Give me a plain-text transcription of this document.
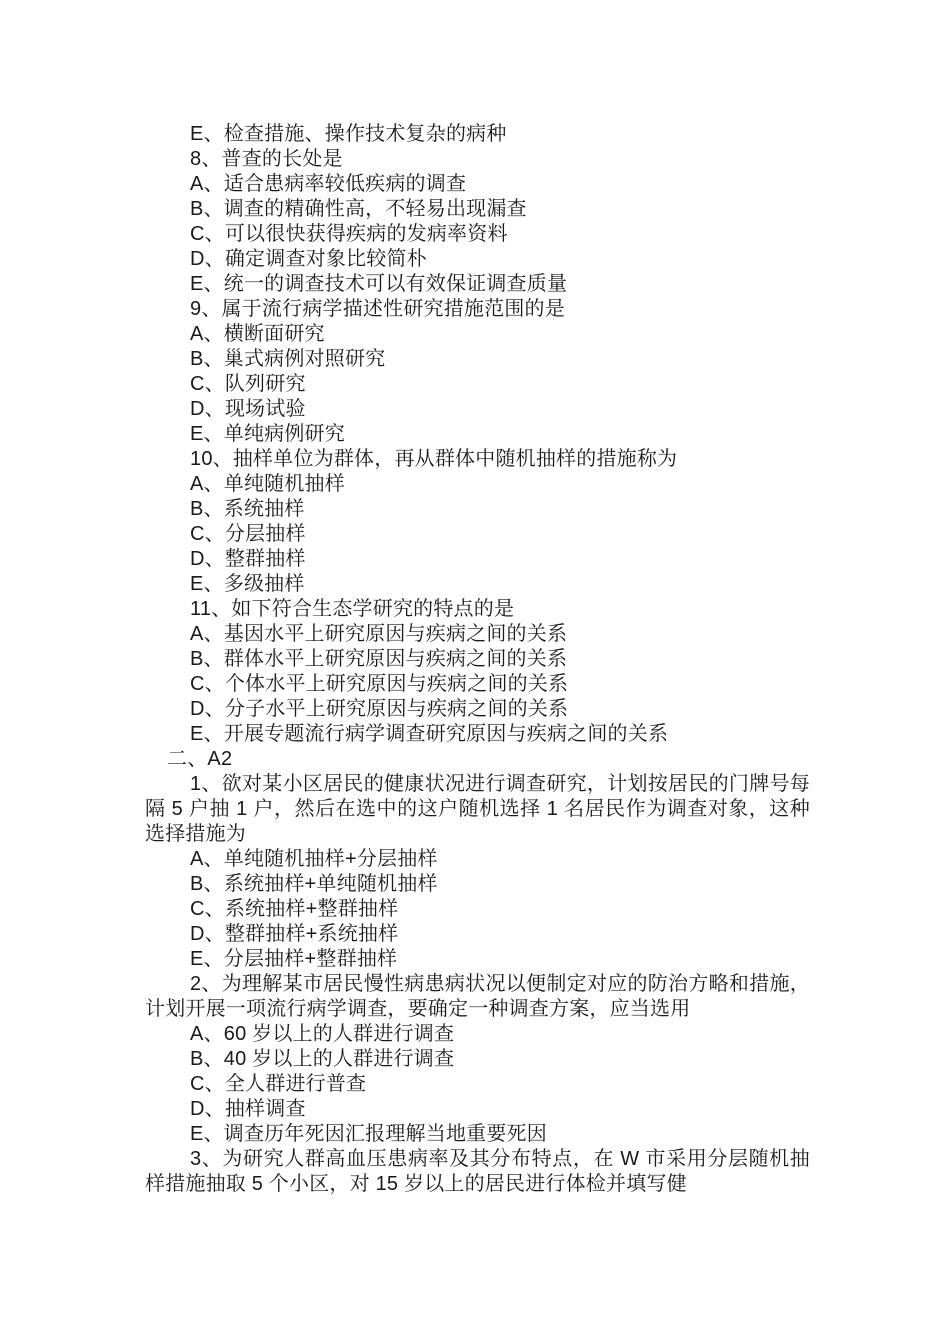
E、检查措施、操作技术复杂的病种
8、普查的长处是
A、适合患病率较低疾病的调查
B、调查的精确性高，不轻易出现漏查
C、可以很快获得疾病的发病率资料
D、确定调查对象比较简朴
E、统一的调查技术可以有效保证调查质量
9、属于流行病学描述性研究措施范围的是
A、横断面研究
B、巢式病例对照研究
C、队列研究
D、现场试验
E、单纯病例研究
10、抽样单位为群体，再从群体中随机抽样的措施称为
A、单纯随机抽样
B、系统抽样
C、分层抽样
D、整群抽样
E、多级抽样
11、如下符合生态学研究的特点的是
A、基因水平上研究原因与疾病之间的关系
B、群体水平上研究原因与疾病之间的关系
C、个体水平上研究原因与疾病之间的关系
D、分子水平上研究原因与疾病之间的关系
E、开展专题流行病学调查研究原因与疾病之间的关系
二、A2
1、欲对某小区居民的健康状况进行调查研究，计划按居民的门牌号每隔 5 户抽 1 户，然后在选中的这户随机选择 1 名居民作为调查对象，这种选择措施为
A、单纯随机抽样+分层抽样
B、系统抽样+单纯随机抽样
C、系统抽样+整群抽样
D、整群抽样+系统抽样
E、分层抽样+整群抽样
2、为理解某市居民慢性病患病状况以便制定对应的防治方略和措施，计划开展一项流行病学调查，要确定一种调查方案，应当选用
A、60 岁以上的人群进行调查
B、40 岁以上的人群进行调查
C、全人群进行普查
D、抽样调查
E、调查历年死因汇报理解当地重要死因
3、为研究人群高血压患病率及其分布特点，在 W 市采用分层随机抽样措施抽取 5 个小区，对 15 岁以上的居民进行体检并填写健
